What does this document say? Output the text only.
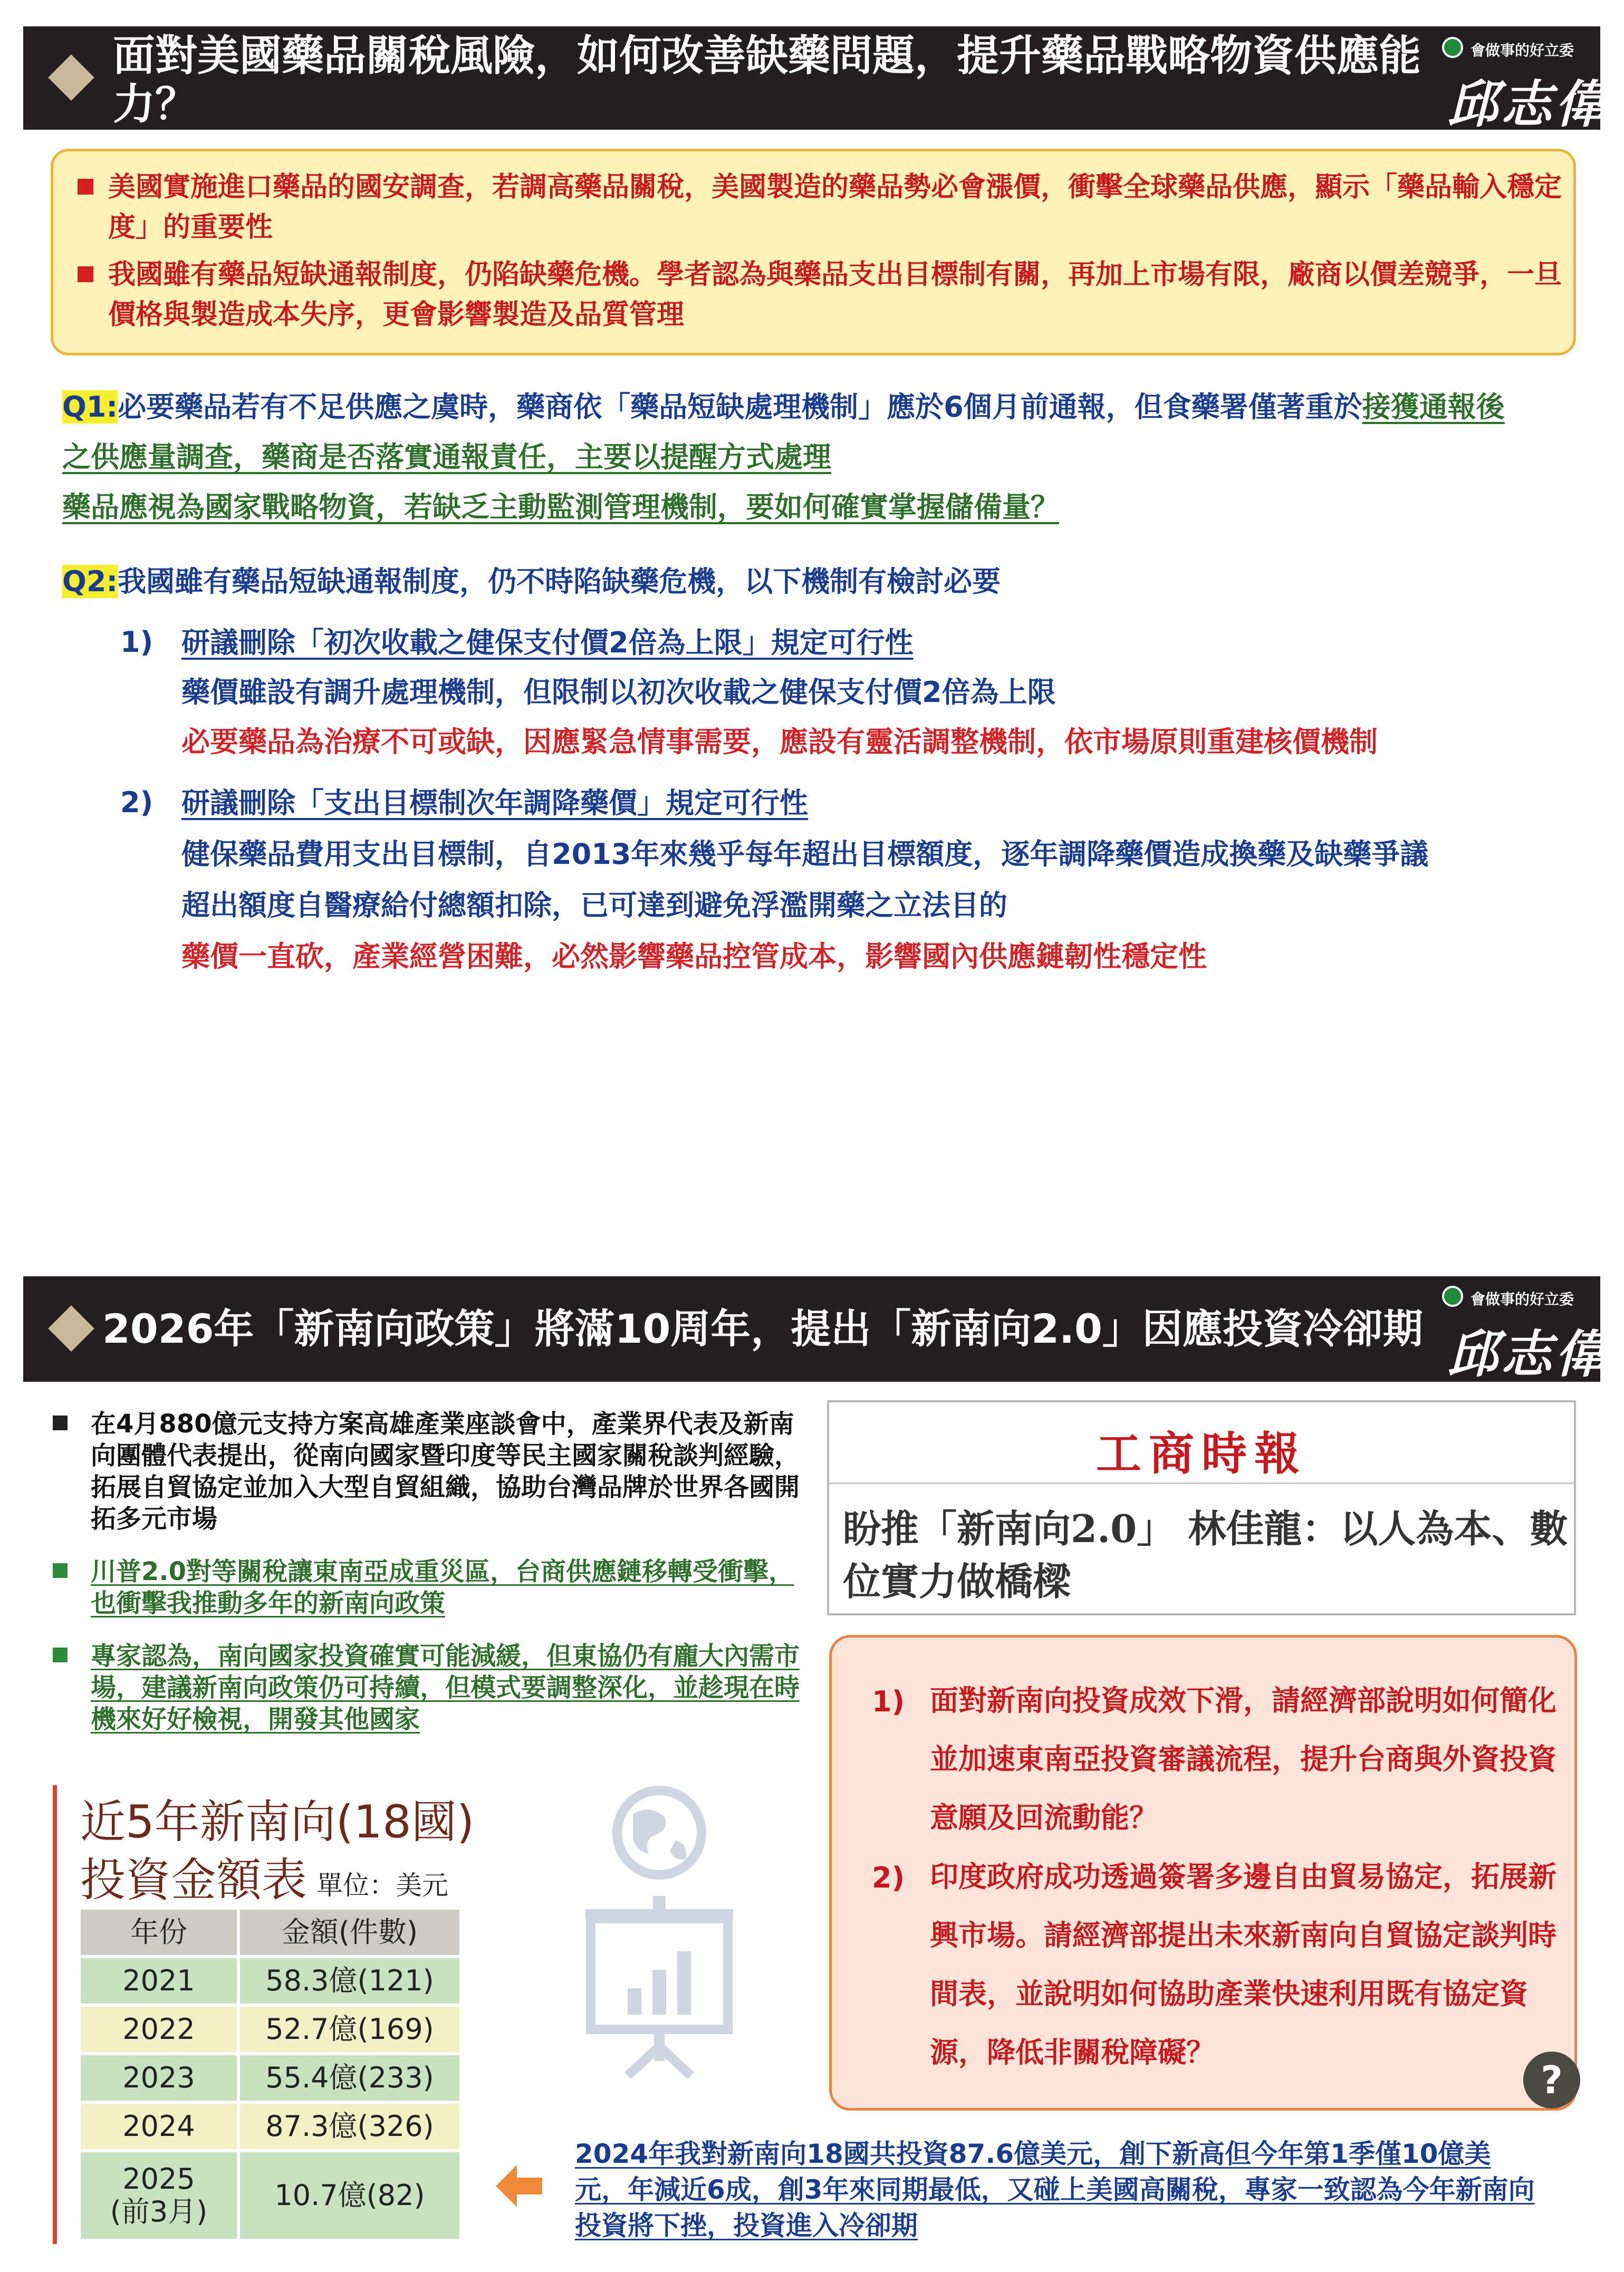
面對美國藥品關稅風險，如何改善缺藥問題，提升藥品戰略物資供應能
力？
會做事的好立委
邱志偉
美國實施進口藥品的國安調查，若調高藥品關稅，美國製造的藥品勢必會漲價，衝擊全球藥品供應，顯示「藥品輸入穩定度」的重要性
我國雖有藥品短缺通報制度，仍陷缺藥危機。學者認為與藥品支出目標制有關，再加上市場有限，廠商以價差競爭，一旦價格與製造成本失序，更會影響製造及品質管理
Q1:必要藥品若有不足供應之虞時，藥商依「藥品短缺處理機制」應於6個月前通報，但食藥署僅著重於接獲通報後
之供應量調查，藥商是否落實通報責任，主要以提醒方式處理
藥品應視為國家戰略物資，若缺乏主動監測管理機制，要如何確實掌握儲備量？
Q2:我國雖有藥品短缺通報制度，仍不時陷缺藥危機，以下機制有檢討必要
1) 研議刪除「初次收載之健保支付價2倍為上限」規定可行性
藥價雖設有調升處理機制，但限制以初次收載之健保支付價2倍為上限
必要藥品為治療不可或缺，因應緊急情事需要，應設有靈活調整機制，依市場原則重建核價機制
2) 研議刪除「支出目標制次年調降藥價」規定可行性
健保藥品費用支出目標制，自2013年來幾乎每年超出目標額度，逐年調降藥價造成換藥及缺藥爭議
超出額度自醫療給付總額扣除，已可達到避免浮濫開藥之立法目的
藥價一直砍，產業經營困難，必然影響藥品控管成本，影響國內供應鏈韌性穩定性
2026年「新南向政策」將滿10周年，提出「新南向2.0」因應投資冷卻期
會做事的好立委
邱志偉
在4月880億元支持方案高雄產業座談會中，產業界代表及新南向團體代表提出，從南向國家暨印度等民主國家關稅談判經驗，拓展自貿協定並加入大型自貿組織，協助台灣品牌於世界各國開拓多元市場
川普2.0對等關稅讓東南亞成重災區，台商供應鏈移轉受衝擊，也衝擊我推動多年的新南向政策
專家認為，南向國家投資確實可能減緩，但東協仍有龐大內需市場，建議新南向政策仍可持續，但模式要調整深化，並趁現在時機來好好檢視，開發其他國家
工商時報
盼推「新南向2.0」 林佳龍：以人為本、數位實力做橋樑
1) 面對新南向投資成效下滑，請經濟部說明如何簡化並加速東南亞投資審議流程，提升台商與外資投資意願及回流動能？
2) 印度政府成功透過簽署多邊自由貿易協定，拓展新興市場。請經濟部提出未來新南向自貿協定談判時間表，並說明如何協助產業快速利用既有協定資源，降低非關稅障礙？
?
近5年新南向(18國)
投資金額表 單位：美元
年份	金額(件數)
2021	58.3億(121)
2022	52.7億(169)
2023	55.4億(233)
2024	87.3億(326)
2025
(前3月)	10.7億(82)
2024年我對新南向18國共投資87.6億美元，創下新高但今年第1季僅10億美元，年減近6成，創3年來同期最低，又碰上美國高關稅，專家一致認為今年新南向投資將下挫，投資進入冷卻期
